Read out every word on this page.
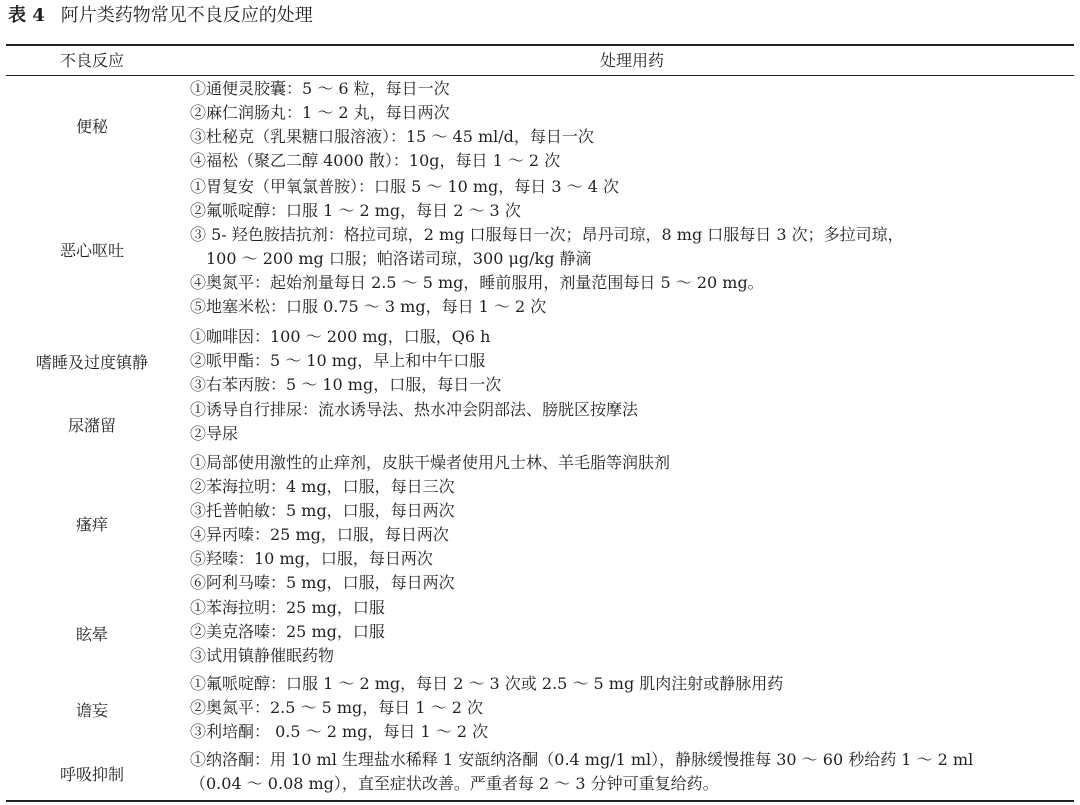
表 4 阿片类药物常见不良反应的处理
不良反应	处理用药
便秘
①通便灵胶囊：5 ～ 6 粒，每日一次
②麻仁润肠丸：1 ～ 2 丸，每日两次
③杜秘克（乳果糖口服溶液）：15 ～ 45 ml/d，每日一次
④福松（聚乙二醇 4000 散）：10g，每日 1 ～ 2 次
恶心呕吐
①胃复安（甲氧氯普胺）：口服 5 ～ 10 mg，每日 3 ～ 4 次
②氟哌啶醇：口服 1 ～ 2 mg，每日 2 ～ 3 次
③ 5- 羟色胺拮抗剂：格拉司琼，2 mg 口服每日一次；昂丹司琼，8 mg 口服每日 3 次；多拉司琼，
　100 ～ 200 mg 口服；帕洛诺司琼，300 μg/kg 静滴
④奥氮平：起始剂量每日 2.5 ～ 5 mg，睡前服用，剂量范围每日 5 ～ 20 mg。
⑤地塞米松：口服 0.75 ～ 3 mg，每日 1 ～ 2 次
嗜睡及过度镇静
①咖啡因：100 ～ 200 mg，口服，Q6 h
②哌甲酯：5 ～ 10 mg，早上和中午口服
③右苯丙胺：5 ～ 10 mg，口服，每日一次
尿潴留
①诱导自行排尿：流水诱导法、热水冲会阴部法、膀胱区按摩法
②导尿
瘙痒
①局部使用激性的止痒剂，皮肤干燥者使用凡士林、羊毛脂等润肤剂
②苯海拉明：4 mg，口服，每日三次
③托普帕敏：5 mg，口服，每日两次
④异丙嗪：25 mg，口服，每日两次
⑤羟嗪：10 mg，口服，每日两次
⑥阿利马嗪：5 mg，口服，每日两次
眩晕
①苯海拉明：25 mg，口服
②美克洛嗪：25 mg，口服
③试用镇静催眠药物
谵妄
①氟哌啶醇：口服 1 ～ 2 mg，每日 2 ～ 3 次或 2.5 ～ 5 mg 肌肉注射或静脉用药
②奥氮平：2.5 ～ 5 mg，每日 1 ～ 2 次
③利培酮： 0.5 ～ 2 mg，每日 1 ～ 2 次
呼吸抑制
①纳洛酮：用 10 ml 生理盐水稀释 1 安瓿纳洛酮（0.4 mg/1 ml），静脉缓慢推每 30 ～ 60 秒给药 1 ～ 2 ml
（0.04 ～ 0.08 mg），直至症状改善。严重者每 2 ～ 3 分钟可重复给药。
